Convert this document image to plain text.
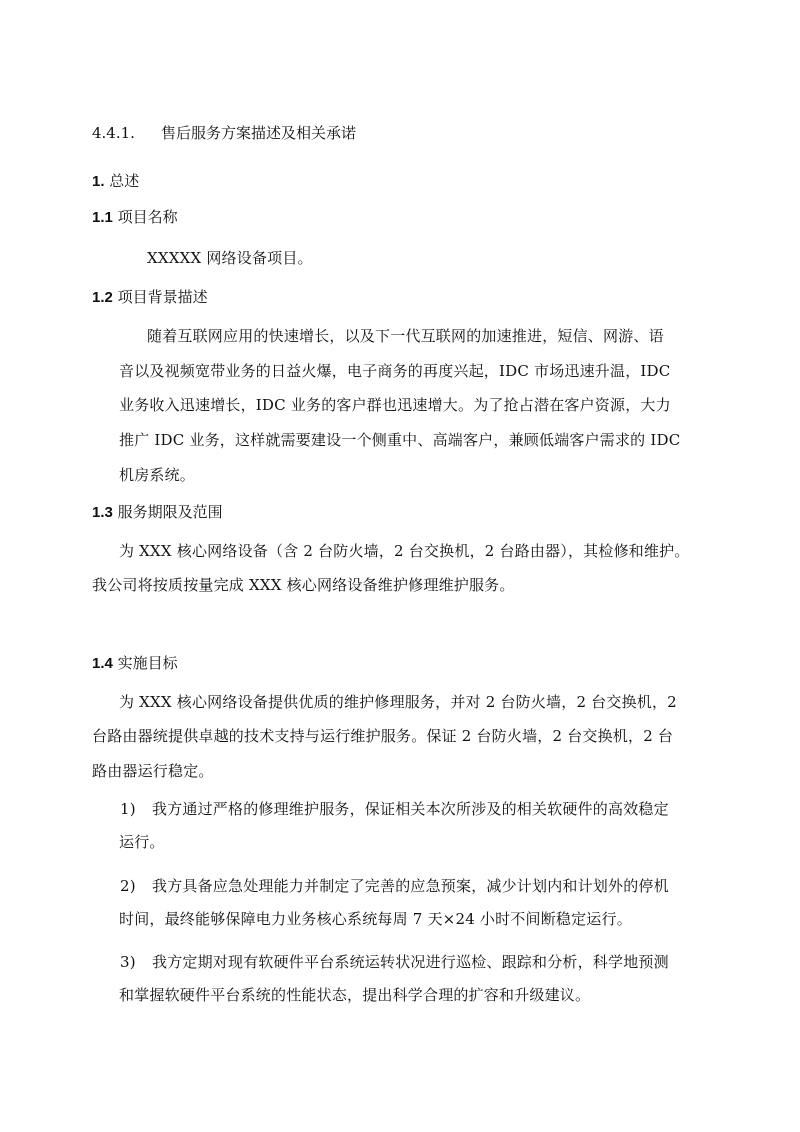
4.4.1. 售后服务方案描述及相关承诺
1. 总述
1.1 项目名称
XXXXX 网络设备项目。
1.2 项目背景描述
随着互联网应用的快速增长，以及下一代互联网的加速推进，短信、网游、语
音以及视频宽带业务的日益火爆，电子商务的再度兴起，IDC 市场迅速升温，IDC
业务收入迅速增长，IDC 业务的客户群也迅速增大。为了抢占潜在客户资源，大力
推广 IDC 业务，这样就需要建设一个侧重中、高端客户，兼顾低端客户需求的 IDC
机房系统。
1.3 服务期限及范围
为 XXX 核心网络设备（含 2 台防火墙，2 台交换机，2 台路由器），其检修和维护。
我公司将按质按量完成 XXX 核心网络设备维护修理维护服务。
1.4 实施目标
为 XXX 核心网络设备提供优质的维护修理服务，并对 2 台防火墙，2 台交换机，2
台路由器统提供卓越的技术支持与运行维护服务。保证 2 台防火墙，2 台交换机，2 台
路由器运行稳定。
1) 我方通过严格的修理维护服务，保证相关本次所涉及的相关软硬件的高效稳定
运行。
2) 我方具备应急处理能力并制定了完善的应急预案，减少计划内和计划外的停机
时间，最终能够保障电力业务核心系统每周 7 天×24 小时不间断稳定运行。
3) 我方定期对现有软硬件平台系统运转状况进行巡检、跟踪和分析，科学地预测
和掌握软硬件平台系统的性能状态，提出科学合理的扩容和升级建议。
